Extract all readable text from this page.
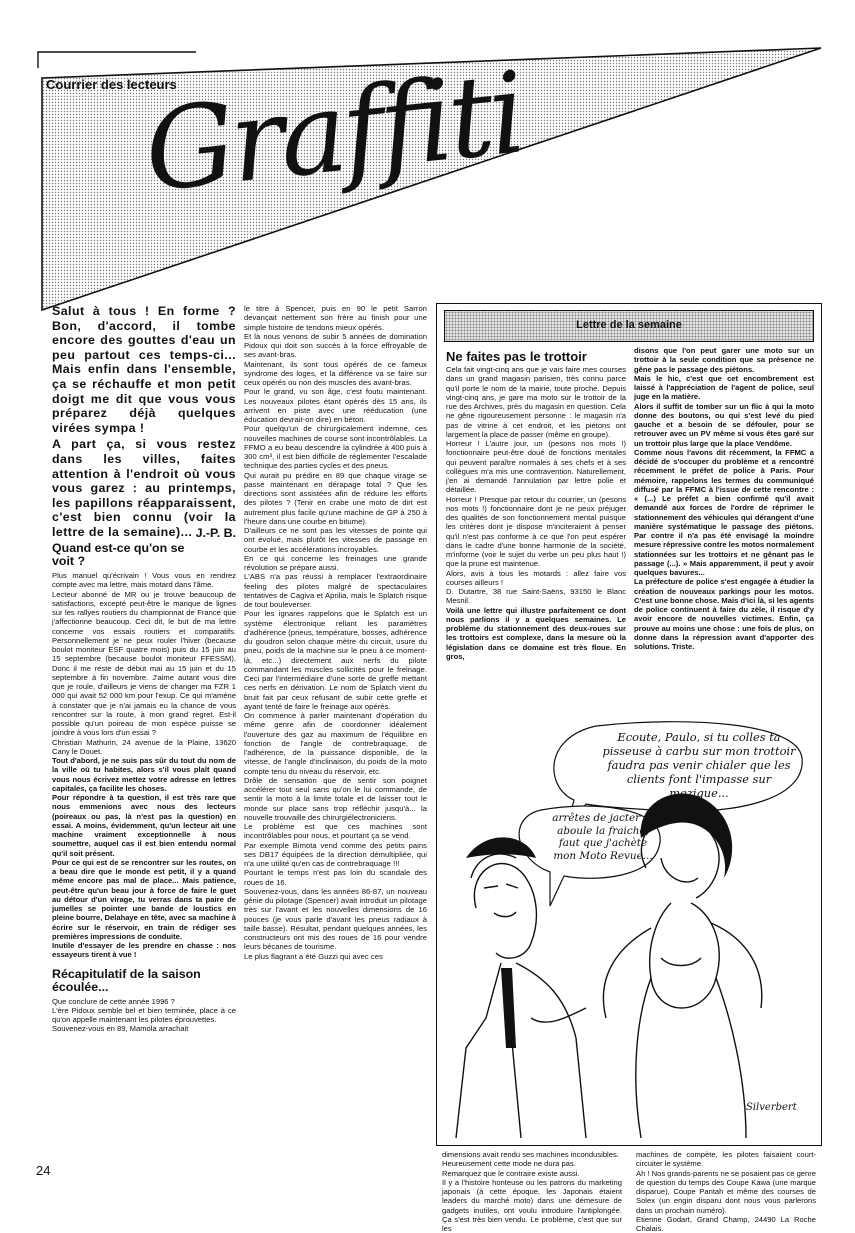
Courrier des lecteurs
Graffiti

Salut à tous ! En forme ? Bon, d'accord, il tombe encore des gouttes d'eau un peu partout ces temps-ci... Mais enfin dans l'ensemble, ça se réchauffe et mon petit doigt me dit que vous vous préparez déjà quelques virées sympa !

A part ça, si vous restez dans les villes, faites attention à l'endroit où vous vous garez : au printemps, les papillons réapparaissent, c'est bien connu (voir la lettre de la semaine)... J.-P. B.

Quand est-ce qu'on se voit ?

Plus manuel qu'écrivain ! Vous vous en rendrez compte avec ma lettre, mais motard dans l'âme.

Lecteur abonné de MR ou je trouve beaucoup de satisfactions, excepté peut-être le manque de lignes sur les rallyes routiers du championnat de France que j'affectionne beaucoup. Ceci dit, le but de ma lettre concerne vos essais routiers et comparatifs. Personnellement je ne peux rouler l'hiver (because boulot moniteur ESF quatre mois) puis du 15 juin au 15 septembre (because boulot moniteur FFESSM). Donc il me reste de début mai au 15 juin et du 15 septembre à fin novembre. J'aime autant vous dire que je roule, d'ailleurs je viens de changer ma FZR 1 000 qui avait 52 000 km pour l'exup. Ce qui m'amène à constater que je n'ai jamais eu la chance de vous rencontrer sur la route, à mon grand regret. Est-il possible qu'un poireau de mon espèce puisse se joindre à vous lors d'un essai ?

Christian Mathurin, 24 avenue de la Plaine, 13620 Cany le Douet.

Tout d'abord, je ne suis pas sûr du tout du nom de la ville où tu habites, alors s'il vous plaît quand vous nous écrivez mettez votre adresse en lettres capitales, ça facilite les choses.

Pour répondre à ta question, il est très rare que nous emmenions avec nous des lecteurs (poireaux ou pas, là n'est pas la question) en essai. A moins, évidemment, qu'un lecteur ait une machine vraiment exceptionnelle à nous soumettre, auquel cas il est bien entendu normal qu'il soit présent.

Pour ce qui est de se rencontrer sur les routes, on a beau dire que le monde est petit, il y a quand même encore pas mal de place... Mais patience, peut-être qu'un beau jour à force de faire le guet au détour d'un virage, tu verras dans ta paire de jumelles se pointer une bande de loustics en pleine bourre, Delahaye en tête, avec sa machine à écrire sur le réservoir, en train de rédiger ses premières impressions de conduite.

Inutile d'essayer de les prendre en chasse : nos essayeurs tirent à vue !

Récapitulatif de la saison écoulée...

Que conclure de cette année 1996 ?

L'ère Pidoux semble bel et bien terminée, place à ce qu'on appelle maintenant les pilotes éprouvettes.

Souvenez-vous en 89, Mamola arrachait

le titre à Spencer, puis en 90 le petit Sarron devançait nettement son frère au finish pour une simple histoire de tendons mieux opérés.
Et là nous venons de subir 5 années de domination Pidoux qui doit son succès à la force effroyable de ses avant-bras.
Maintenant, ils sont tous opérés de ce fameux syndrome des loges, et la différence va se faire sur ceux opérés ou non des muscles des avant-bras.
Pour le grand, vu son âge, c'est foutu maintenant. Les nouveaux pilotes étant opérés dès 15 ans, ils arrivent en piste avec une rééducation (une éducation devrait-on dire) en béton.
Pour quelqu'un de chirurgicalement indemne, ces nouvelles machines de course sont incontrôlables. La FFMO a eu beau descendre la cylindrée à 400 puis à 300 cm³, il est bien difficile de réglementer l'escalade technique des parties cycles et des pneus.
Qui aurait pu prédire en 89 que chaque virage se passe maintenant en dérapage total ? Que les directions sont assistées afin de réduire les efforts des pilotes ? (Tenir en crabe une moto de dirt est autrement plus facile qu'une machine de GP à 250 à l'heure dans une courbe en bitume).
D'ailleurs ce ne sont pas les vitesses de pointe qui ont évolué, mais plutôt les vitesses de passage en courbe et les accélérations incroyables.
En ce qui concerne les freinages une grande révolution se prépare aussi.
L'ABS n'a pas réussi à remplacer l'extraordinaire feeling des pilotes malgré de spectaculaires tentatives de Cagiva et Aprilia, mais le Splatch risque de tout bouleverser.
Pour les ignares rappelons que le Splatch est un système électronique reliant les paramètres d'adhérence (pneus, température, bosses, adhérence du goudron selon chaque mètre du circuit, usure du pneu, poids de la machine sur le pneu à ce moment-là, etc...) directement aux nerfs du pilote commandant les muscles sollicités pour le freinage. Ceci par l'intermédiaire d'une sorte de greffe mettant ces nerfs en dérivation. Le nom de Splatch vient du bruit fait par ceux refusant de subir cette greffe et ayant tenté de faire le freinage aux opérés.
On commence à parler maintenant d'opération du même genre afin de coordonner idéalement l'ouverture des gaz au maximum de l'équilibre en fonction de l'angle de contrebraquage, de l'adhérence, de la puissance disponible, de la vitesse, de l'angle d'inclinaison, du poids de la moto compte tenu du niveau du réservoir, etc.
Drôle de sensation que de sentir son poignet accélérer tout seul sans qu'on le lui commande, de sentir la moto à la limite totale et de laisser tout le monde sur place sans trop réfléchir jusqu'à... la nouvelle trouvaille des chirurgiélectroniciens.
Le problème est que ces machines sont incontrôlables pour nous, et pourtant ça se vend.
Par exemple Bimota vend comme des petits pains ses DB17 équipées de la direction démultipliée, qui n'a une utilité qu'en cas de contrebraquage !!!
Pourtant le temps n'est pas loin du scandale des roues de 16.
Souvenez-vous, dans les années 86-87, un nouveau génie du pilotage (Spencer) avait introduit un pilotage très sur l'avant et les nouvelles dimensions de 16 pouces (je vous parle d'avant les pneus radiaux à taille basse). Résultat, pendant quelques années, les constructeurs ont mis des roues de 16 pour vendre leurs bécanes de tourisme.
Le plus flagrant a été Guzzi qui avec ces

Lettre de la semaine
Ne faites pas le trottoir

Cela fait vingt-cinq ans que je vais faire mes courses dans un grand magasin parisien, très connu parce qu'il porte le nom de la mairie, toute proche. Depuis vingt-cinq ans, je gare ma moto sur le trottoir de la rue des Archives, près du magasin en question. Cela ne gêne rigoureusement personne : le magasin n'a pas de vitrine à cet endroit, et les piétons ont largement la place de passer (même en groupe).
Horreur ! L'autre jour, un (pesons nos mots !) fonctionnaire peut-être doué de fonctions mentales qui peuvent paraître normales à ses chefs et à ses collègues m'a mis une contravention. Naturellement, j'en ai demandé l'annulation par lettre polie et détaillée.
Horreur ! Presque par retour du courrier, un (pesons nos mots !) fonctionnaire dont je ne peux préjuger des qualités de son fonctionnement mental puisque les critères dont je dispose m'inciteraient à penser qu'il n'est pas conforme à ce que l'on peut espérer dans le cadre d'une bonne harmonie de la société, m'informe (voir le sujet du verbe un peu plus haut !) que la prune est maintenue.
Alors, avis à tous les motards : allez faire vos courses ailleurs !

D. Dutartre, 38 rue Saint-Saëns, 93150 le Blanc Mesnil.

Voilà une lettre qui illustre parfaitement ce dont nous parlions il y a quelques semaines. Le problème du stationnement des deux-roues sur les trottoirs est complexe, dans la mesure où la législation dans ce domaine est très floue. En gros,

disons que l'on peut garer une moto sur un trottoir à la seule condition que sa présence ne gêne pas le passage des piétons.
Mais le hic, c'est que cet encombrement est laissé à l'appréciation de l'agent de police, seul juge en la matière.
Alors il suffit de tomber sur un flic à qui la moto donne des boutons, ou qui s'est levé du pied gauche et a besoin de se défouler, pour se retrouver avec un PV même si vous êtes garé sur un trottoir plus large que la place Vendôme.
Comme nous l'avons dit récemment, la FFMC a décidé de s'occuper du problème et a rencontré récemment le préfet de police à Paris. Pour mémoire, rappelons les termes du communiqué diffusé par la FFMC à l'issue de cette rencontre : « (...) Le préfet a bien confirmé qu'il avait demandé aux forces de l'ordre de réprimer le stationnement des véhicules qui dérangent d'une manière systématique le passage des piétons. Par contre il n'a pas été envisagé la moindre mesure répressive contre les motos normalement stationnées sur les trottoirs et ne gênant pas le passage (...). » Mais apparemment, il peut y avoir quelques bavures...
La préfecture de police s'est engagée à étudier la création de nouveaux parkings pour les motos. C'est une bonne chose. Mais d'ici là, si les agents de police continuent à faire du zèle, il risque d'y avoir encore de nouvelles victimes. Enfin, ça prouve au moins une chose : une fois de plus, on donne dans la répression avant d'apporter des solutions. Triste.

Silverbert
Ecoute, Paulo, si tu colles ta pisseuse à carbu sur mon trottoir faudra pas venir chialer que les clients font l'impasse sur mezigue...
arrêtes de jacter et aboule la fraiche, faut que j'achète mon Moto Revue...

dimensions avait rendu ses machines incondusibles.
Heureusement cette mode ne dura pas.
Remarquez que le contraire existe aussi.
Il y a l'histoire honteuse ou les patrons du marketing japonais (à cette époque, les Japonais étaient leaders du marché moto) dans une démesure de gadgets inutiles, ont voulu introduire l'antiplongée. Ça s'est très bien vendu. Le problème, c'est que sur les

machines de compète, les pilotes faisaient court-circuiter le système.
Ah ! Nos grands-parents ne se posaient pas ce genre de question du temps des Coupe Kawa (une marque disparue), Coupe Pantah et même des courses de Solex (un engin disparu dont nous vous parlerons dans un prochain numéro).

Etienne Godart, Grand Champ, 24490 La Roche Chalais.

24
